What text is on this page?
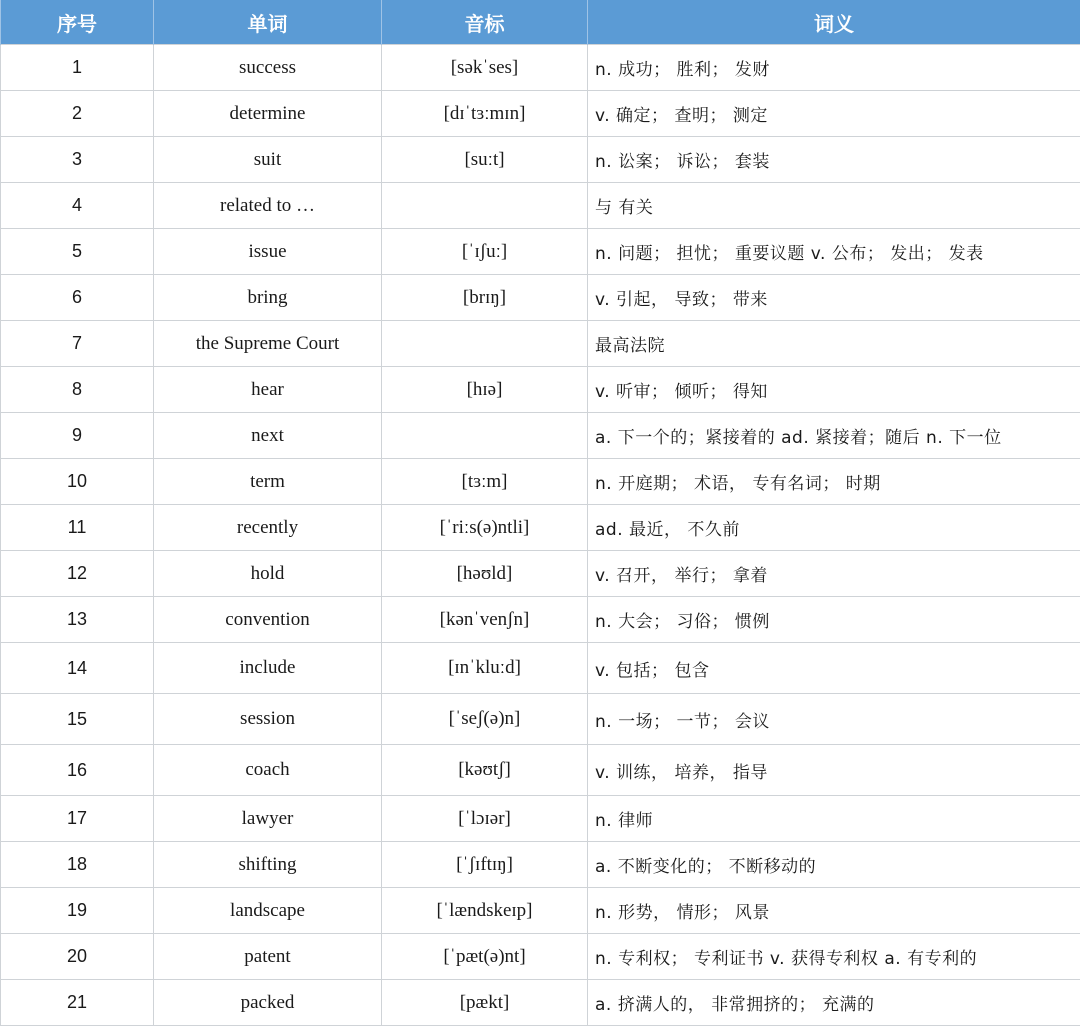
序号	单词	音标	词义
1	success	[səkˈses]	n. 成功； 胜利； 发财
2	determine	[dɪˈtɜːmɪn]	v. 确定； 查明； 测定
3	suit	[suːt]	n. 讼案； 诉讼； 套装
4	related to …		与 有关
5	issue	[ˈɪʃuː]	n. 问题； 担忧； 重要议题 v. 公布； 发出； 发表
6	bring	[brɪŋ]	v. 引起， 导致； 带来
7	the Supreme Court		最高法院
8	hear	[hɪə]	v. 听审； 倾听； 得知
9	next		a. 下一个的；紧接着的 ad. 紧接着；随后 n. 下一位
10	term	[tɜːm]	n. 开庭期； 术语， 专有名词； 时期
11	recently	[ˈriːs(ə)ntli]	ad. 最近， 不久前
12	hold	[həʊld]	v. 召开， 举行； 拿着
13	convention	[kənˈvenʃn]	n. 大会； 习俗； 惯例
14	include	[ɪnˈkluːd]	v. 包括； 包含
15	session	[ˈseʃ(ə)n]	n. 一场； 一节； 会议
16	coach	[kəʊtʃ]	v. 训练， 培养， 指导
17	lawyer	[ˈlɔɪər]	n. 律师
18	shifting	[ˈʃɪftɪŋ]	a. 不断变化的； 不断移动的
19	landscape	[ˈlændskeɪp]	n. 形势， 情形； 风景
20	patent	[ˈpæt(ə)nt]	n. 专利权； 专利证书 v. 获得专利权 a. 有专利的
21	packed	[pækt]	a. 挤满人的， 非常拥挤的； 充满的
